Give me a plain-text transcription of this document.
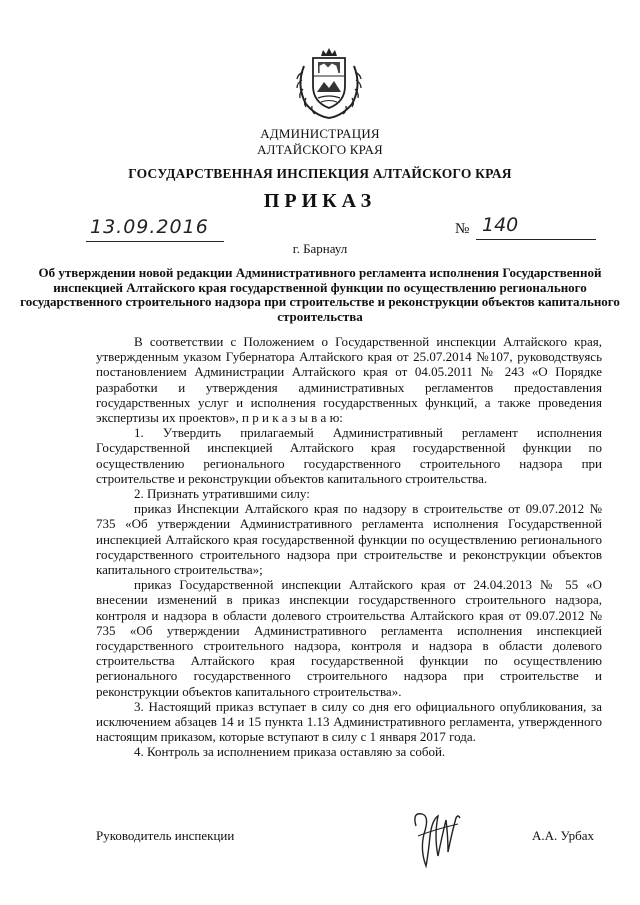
АДМИНИСТРАЦИЯ
АЛТАЙСКОГО КРАЯ
ГОСУДАРСТВЕННАЯ ИНСПЕКЦИЯ АЛТАЙСКОГО КРАЯ
ПРИКАЗ
13.09.2016	№ 140
г. Барнаул
Об утверждении новой редакции Административного регламента исполнения Государственной инспекцией Алтайского края государственной функции по осуществлению регионального государственного строительного надзора при строительстве и реконструкции объектов капитального строительства

В соответствии с Положением о Государственной инспекции Алтайского края, утвержденным указом Губернатора Алтайского края от 25.07.2014 №107, руководствуясь постановлением Администрации Алтайского края от 04.05.2011 № 243 «О Порядке разработки и утверждения административных регламентов предоставления государственных услуг и исполнения государственных функций, а также проведения экспертизы их проектов», п р и к а з ы в а ю:

1. Утвердить прилагаемый Административный регламент исполнения Государственной инспекцией Алтайского края государственной функции по осуществлению регионального государственного строительного надзора при строительстве и реконструкции объектов капитального строительства.

2. Признать утратившими силу:

приказ Инспекции Алтайского края по надзору в строительстве от 09.07.2012 № 735 «Об утверждении Административного регламента исполнения Государственной инспекцией Алтайского края государственной функции по осуществлению регионального государственного строительного надзора при строительстве и реконструкции объектов капитального строительства»;

приказ Государственной инспекции Алтайского края от 24.04.2013 № 55 «О внесении изменений в приказ инспекции государственного строительного надзора, контроля и надзора в области долевого строительства Алтайского края от 09.07.2012 № 735 «Об утверждении Административного регламента исполнения инспекцией государственного строительного надзора, контроля и надзора в области долевого строительства Алтайского края государственной функции по осуществлению регионального государственного строительного надзора при строительстве и реконструкции объектов капитального строительства».

3. Настоящий приказ вступает в силу со дня его официального опубликования, за исключением абзацев 14 и 15 пункта 1.13 Административного регламента, утвержденного настоящим приказом, которые вступают в силу с 1 января 2017 года.

4. Контроль за исполнением приказа оставляю за собой.

Руководитель инспекции	А.А. Урбах
